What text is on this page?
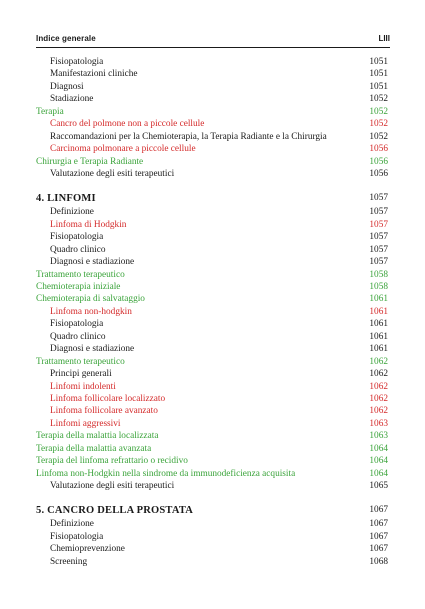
Indice generale	LIII
Fisiopatologia	1051
Manifestazioni cliniche	1051
Diagnosi	1051
Stadiazione	1052
Terapia	1052
Cancro del polmone non a piccole cellule	1052
Raccomandazioni per la Chemioterapia, la Terapia Radiante e la Chirurgia	1052
Carcinoma polmonare a piccole cellule	1056
Chirurgia e Terapia Radiante	1056
Valutazione degli esiti terapeutici	1056
4. LINFOMI	1057
Definizione	1057
Linfoma di Hodgkin	1057
Fisiopatologia	1057
Quadro clinico	1057
Diagnosi e stadiazione	1057
Trattamento terapeutico	1058
Chemioterapia iniziale	1058
Chemioterapia di salvataggio	1061
Linfoma non-hodgkin	1061
Fisiopatologia	1061
Quadro clinico	1061
Diagnosi e stadiazione	1061
Trattamento terapeutico	1062
Principi generali	1062
Linfomi indolenti	1062
Linfoma follicolare localizzato	1062
Linfoma follicolare avanzato	1062
Linfomi aggressivi	1063
Terapia della malattia localizzata	1063
Terapia della malattia avanzata	1064
Terapia del linfoma refrattario o recidivo	1064
Linfoma non-Hodgkin nella sindrome da immunodeficienza acquisita	1064
Valutazione degli esiti terapeutici	1065
5. CANCRO DELLA PROSTATA	1067
Definizione	1067
Fisiopatologia	1067
Chemioprevenzione	1067
Screening	1068
